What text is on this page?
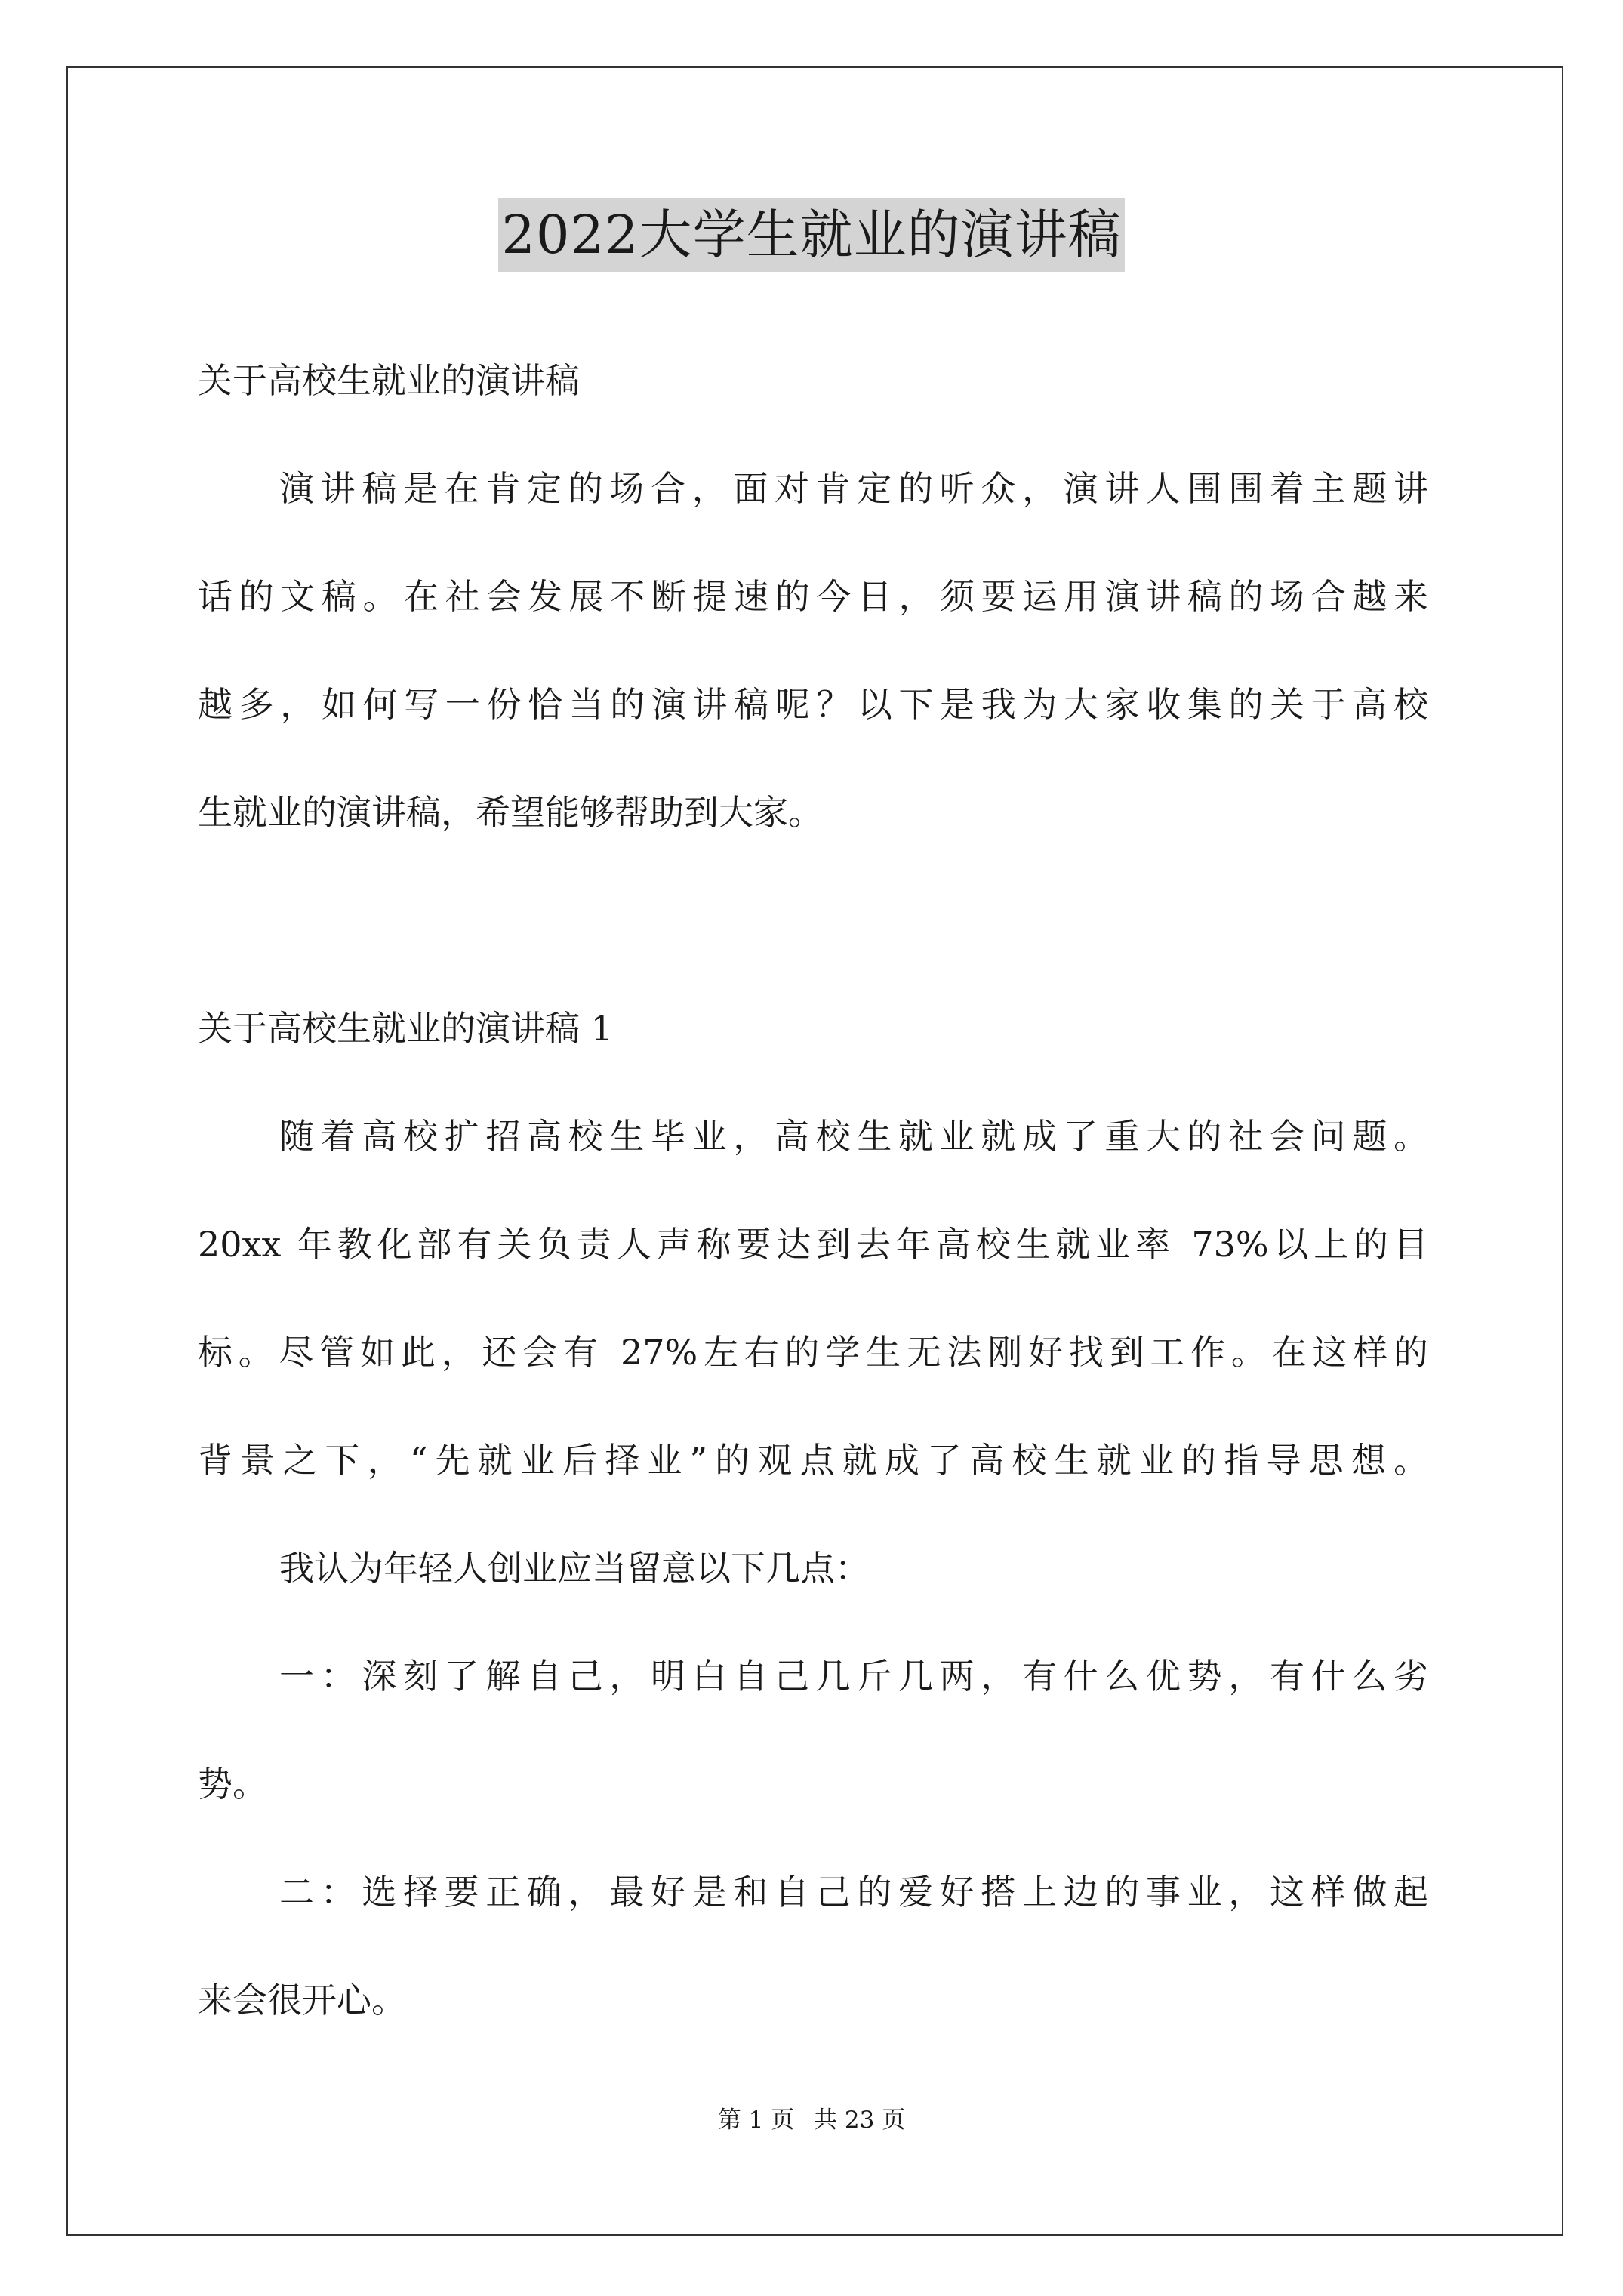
2022大学生就业的演讲稿
关于高校生就业的演讲稿
演讲稿是在肯定的场合，面对肯定的听众，演讲人围围着主题讲
话的文稿。在社会发展不断提速的今日，须要运用演讲稿的场合越来
越多，如何写一份恰当的演讲稿呢？以下是我为大家收集的关于高校
生就业的演讲稿，希望能够帮助到大家。
关于高校生就业的演讲稿 1
随着高校扩招高校生毕业，高校生就业就成了重大的社会问题。
20xx 年教化部有关负责人声称要达到去年高校生就业率 73%以上的目
标。尽管如此，还会有 27%左右的学生无法刚好找到工作。在这样的
背景之下，“先就业后择业”的观点就成了高校生就业的指导思想。
我认为年轻人创业应当留意以下几点：
一：深刻了解自己，明白自己几斤几两，有什么优势，有什么劣
势。
二：选择要正确，最好是和自己的爱好搭上边的事业，这样做起
来会很开心。
第 1 页 共 23 页
